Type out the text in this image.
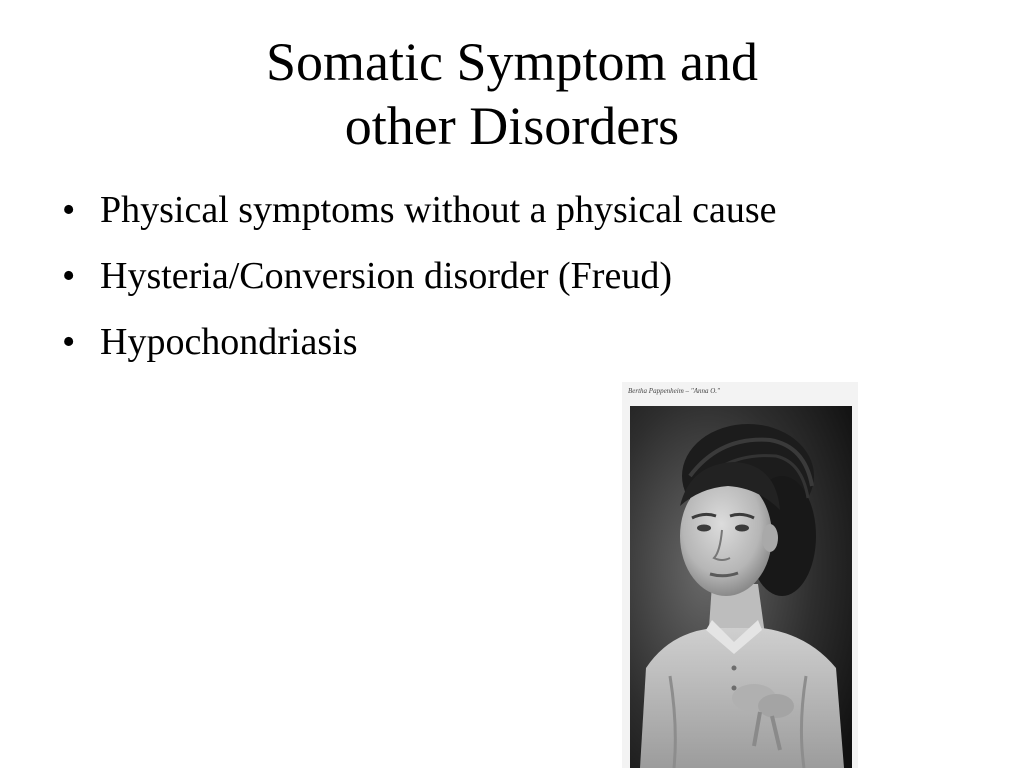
Somatic Symptom and
other Disorders
• Physical symptoms without a physical cause
• Hysteria/Conversion disorder (Freud)
• Hypochondriasis
Bertha Pappenheim – "Anna O."
